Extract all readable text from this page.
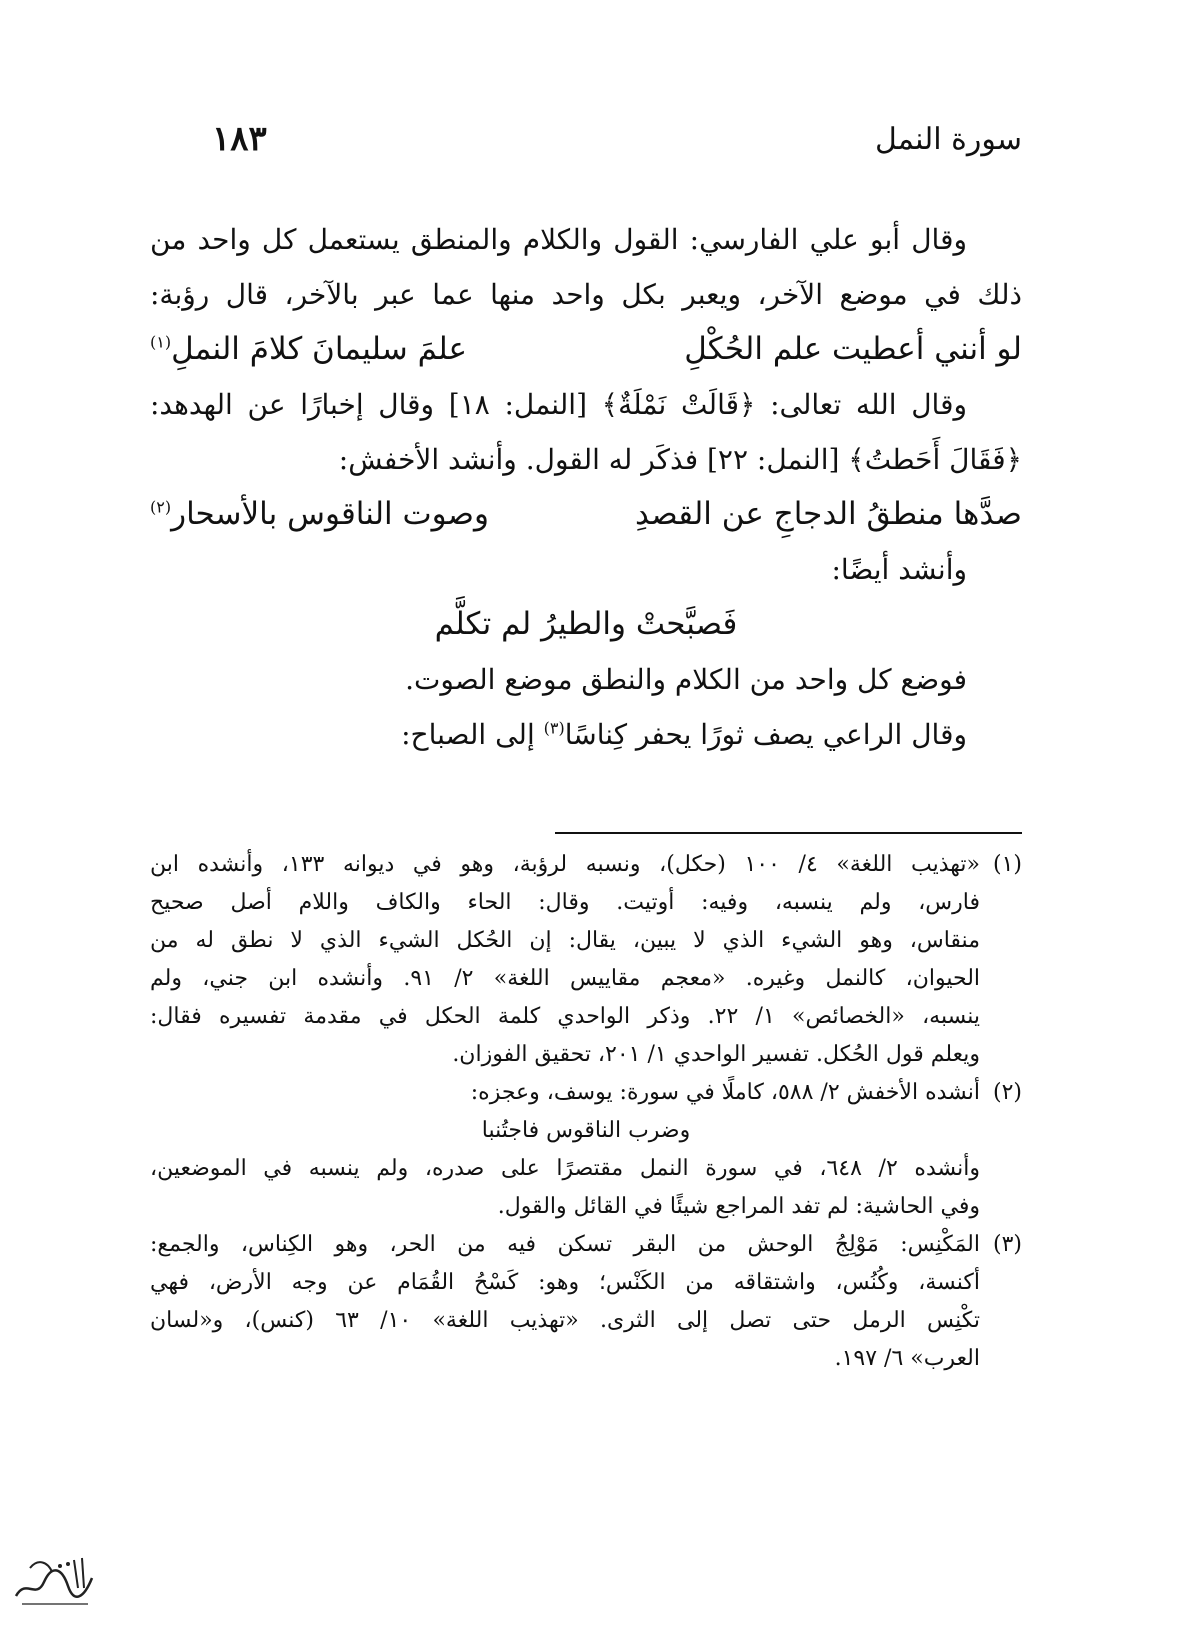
سورة النمل
١٨٣
وقال أبو علي الفارسي: القول والكلام والمنطق يستعمل كل واحد من
ذلك في موضع الآخر، ويعبر بكل واحد منها عما عبر بالآخر، قال رؤبة:
لو أنني أعطيت علم الحُكْلِ
علمَ سليمانَ كلامَ النملِ$^{(١)}$
وقال الله تعالى: ﴿قَالَتْ نَمْلَةٌ﴾ [النمل: ١٨] وقال إخبارًا عن الهدهد:
﴿فَقَالَ أَحَطتُ﴾ [النمل: ٢٢] فذكَر له القول. وأنشد الأخفش:
صدَّها منطقُ الدجاجِ عن القصدِ
وصوت الناقوس بالأسحار$^{(٢)}$
وأنشد أيضًا:
فَصبَّحتْ والطيرُ لم تكلَّم
فوضع كل واحد من الكلام والنطق موضع الصوت.
وقال الراعي يصف ثورًا يحفر كِناسًا$^{(٣)}$ إلى الصباح:
(١)«تهذيب اللغة» ٤/ ١٠٠ (حكل)، ونسبه لرؤبة، وهو في ديوانه ١٣٣، وأنشده ابن
فارس، ولم ينسبه، وفيه: أوتيت. وقال: الحاء والكاف واللام أصل صحيح
منقاس، وهو الشيء الذي لا يبين، يقال: إن الحُكل الشيء الذي لا نطق له من
الحيوان، كالنمل وغيره. «معجم مقاييس اللغة» ٢/ ٩١. وأنشده ابن جني، ولم
ينسبه، «الخصائص» ١/ ٢٢. وذكر الواحدي كلمة الحكل في مقدمة تفسيره فقال:
ويعلم قول الحُكل. تفسير الواحدي ١/ ٢٠١، تحقيق الفوزان.
(٢)أنشده الأخفش ٢/ ٥٨٨، كاملًا في سورة: يوسف، وعجزه:
وضرب الناقوس فاجتُنبا
وأنشده ٢/ ٦٤٨، في سورة النمل مقتصرًا على صدره، ولم ينسبه في الموضعين،
وفي الحاشية: لم تفد المراجع شيئًا في القائل والقول.
(٣)المَكْنِس: مَوْلِجُ الوحش من البقر تسكن فيه من الحر، وهو الكِناس، والجمع:
أكنسة، وكُنُس، واشتقاقه من الكَنْس؛ وهو: كَسْحُ القُمَام عن وجه الأرض، فهي
تكْنِس الرمل حتى تصل إلى الثرى. «تهذيب اللغة» ١٠/ ٦٣ (كنس)، و«لسان
العرب» ٦/ ١٩٧.
